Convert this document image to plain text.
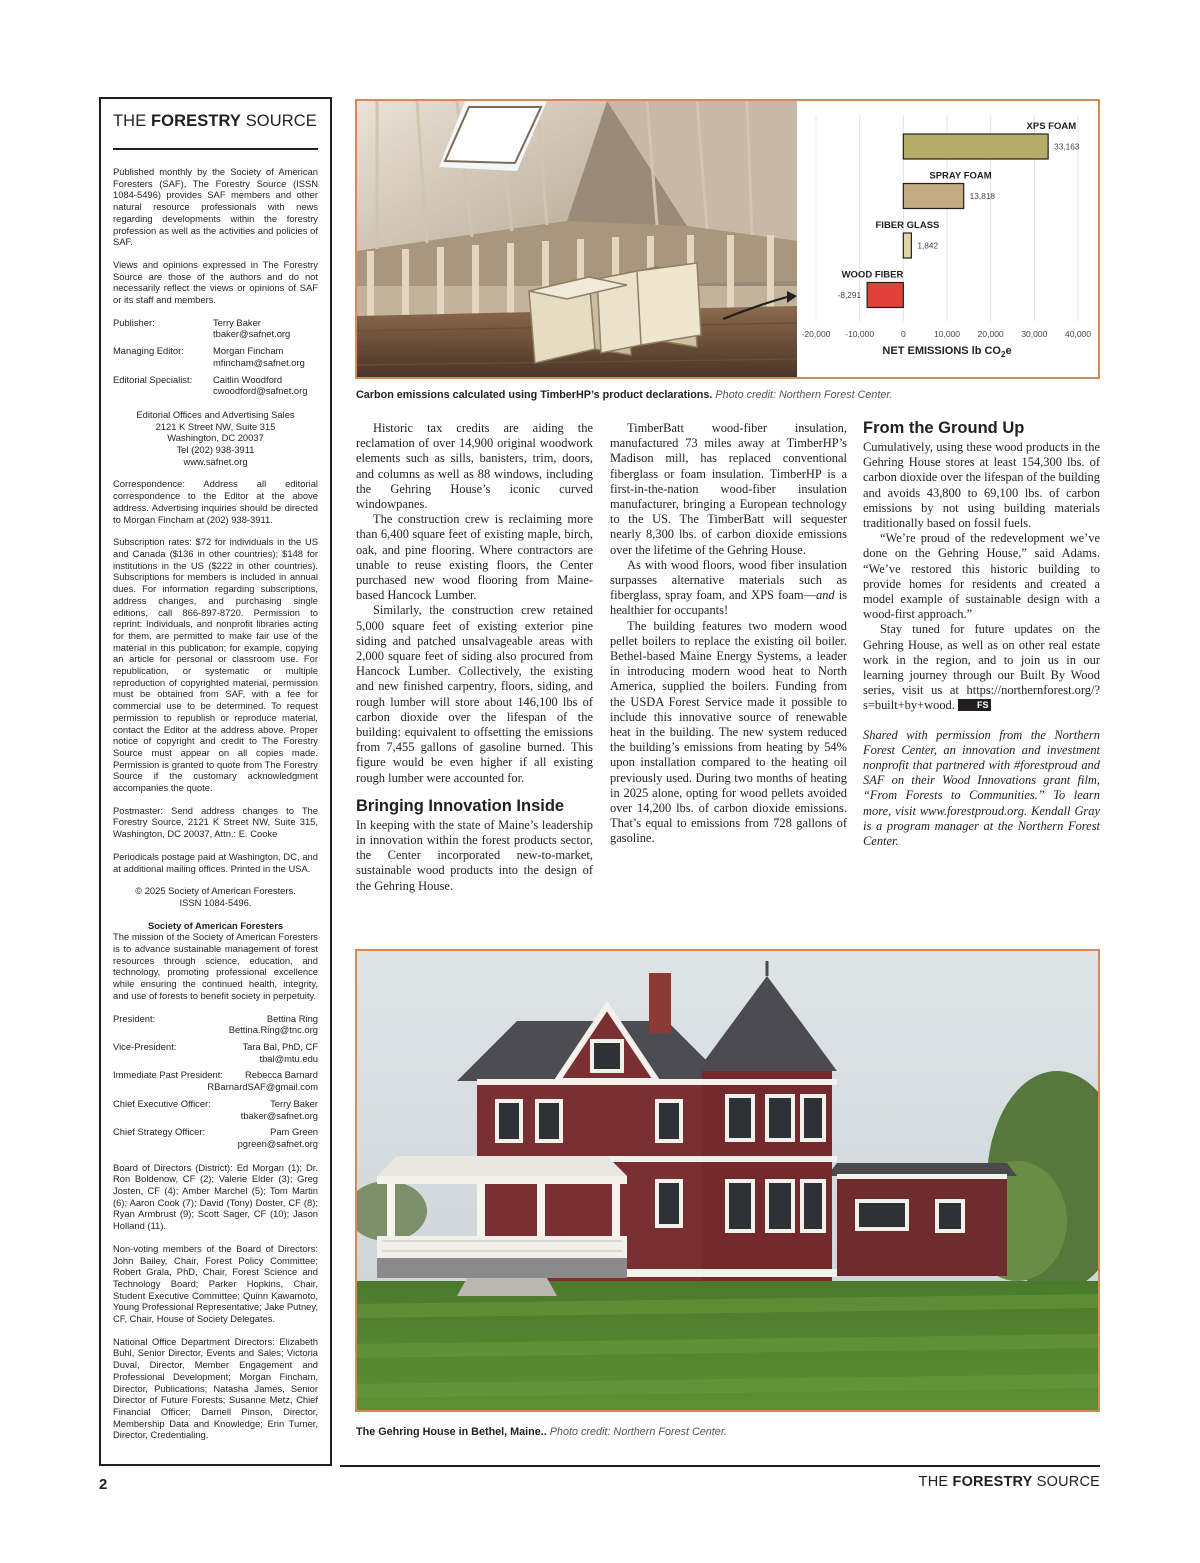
THE FORESTRY SOURCE

Published monthly by the Society of American Foresters (SAF), The Forestry Source (ISSN 1084-5496) provides SAF members and other natural resource professionals with news regarding developments within the forestry profession as well as the activities and policies of SAF.

Views and opinions expressed in The Forestry Source are those of the authors and do not necessarily reflect the views or opinions of SAF or its staff and members.

Publisher:	Terry Baker
tbaker@safnet.org
Managing Editor:	Morgan Fincham
mfincham@safnet.org
Editorial Specialist:	Caitlin Woodford
cwoodford@safnet.org
Editorial Offices and Advertising Sales
2121 K Street NW, Suite 315
Washington, DC 20037
Tel (202) 938-3911
www.safnet.org

Correspondence: Address all editorial correspondence to the Editor at the above address. Advertising inquiries should be directed to Morgan Fincham at (202) 938-3911.

Subscription rates: $72 for individuals in the US and Canada ($136 in other countries); $148 for institutions in the US ($222 in other countries). Subscriptions for members is included in annual dues. For information regarding subscriptions, address changes, and purchasing single editions, call 866-897-8720. Permission to reprint: Individuals, and nonprofit libraries acting for them, are permitted to make fair use of the material in this publication; for example, copying an article for personal or classroom use. For republication, or systematic or multiple reproduction of copyrighted material, permission must be obtained from SAF, with a fee for commercial use to be determined. To request permission to republish or reproduce material, contact the Editor at the address above. Proper notice of copyright and credit to The Forestry Source must appear on all copies made. Permission is granted to quote from The Forestry Source if the customary acknowledgment accompanies the quote.

Postmaster: Send address changes to The Forestry Source, 2121 K Street NW, Suite 315, Washington, DC 20037, Attn.: E. Cooke

Periodicals postage paid at Washington, DC, and at additional mailing offices. Printed in the USA.

© 2025 Society of American Foresters.
ISSN 1084-5496.
Society of American Foresters

The mission of the Society of American Foresters is to advance sustainable management of forest resources through science, education, and technology, promoting professional excellence while ensuring the continued health, integrity, and use of forests to benefit society in perpetuity.

President:	Bettina Ring
Bettina.Ring@tnc.org
Vice-President:	Tara Bal, PhD, CF
tbal@mtu.edu
Immediate Past President: Rebecca Barnard
RBarnardSAF@gmail.com
Chief Executive Officer:	Terry Baker
tbaker@safnet.org
Chief Strategy Officer:	Pam Green
pgreen@safnet.org

Board of Directors (District): Ed Morgan (1); Dr. Ron Boldenow, CF (2); Valerie Elder (3); Greg Josten, CF (4); Amber Marchel (5); Tom Martin (6); Aaron Cook (7); David (Tony) Doster, CF (8); Ryan Armbrust (9); Scott Sager, CF (10); Jason Holland (11).

Non-voting members of the Board of Directors: John Bailey, Chair, Forest Policy Committee; Robert Grala, PhD, Chair, Forest Science and Technology Board; Parker Hopkins, Chair, Student Executive Committee; Quinn Kawamoto, Young Professional Representative; Jake Putney, CF, Chair, House of Society Delegates.

National Office Department Directors: Elizabeth Buhl, Senior Director, Events and Sales; Victoria Duval, Director, Member Engagement and Professional Development; Morgan Fincham, Director, Publications; Natasha James, Senior Director of Future Forests; Susanne Metz, Chief Financial Officer; Darnell Pinson, Director, Membership Data and Knowledge; Erin Turner, Director, Credentialing.

-20,000 -10,000	0	10,000 20,000 30,000 40,000
XPS FOAM
33,163
SPRAY FOAM
13,818
FIBER GLASS
1,842
WOOD FIBER
-8,291
NET EMISSIONS lb $CO_2e$
Carbon emissions calculated using TimberHP’s product declarations. Photo credit: Northern Forest Center.

Historic tax credits are aiding the reclamation of over 14,900 original woodwork elements such as sills, banisters, trim, doors, and columns as well as 88 windows, including the Gehring House’s iconic curved windowpanes.

The construction crew is reclaiming more than 6,400 square feet of existing maple, birch, oak, and pine flooring. Where contractors are unable to reuse existing floors, the Center purchased new wood flooring from Maine-based Hancock Lumber.

Similarly, the construction crew retained 5,000 square feet of existing exterior pine siding and patched unsalvageable areas with 2,000 square feet of siding also procured from Hancock Lumber. Collectively, the existing and new finished carpentry, floors, siding, and rough lumber will store about 146,100 lbs of carbon dioxide over the lifespan of the building: equivalent to offsetting the emissions from 7,455 gallons of gasoline burned. This figure would be even higher if all existing rough lumber were accounted for.

Bringing Innovation Inside

In keeping with the state of Maine’s leadership in innovation within the forest products sector, the Center incorporated new-to-market, sustainable wood products into the design of the Gehring House.

TimberBatt wood-fiber insulation, manufactured 73 miles away at TimberHP’s Madison mill, has replaced conventional fiberglass or foam insulation. TimberHP is a first-in-the-nation wood-fiber insulation manufacturer, bringing a European technology to the US. The TimberBatt will sequester nearly 8,300 lbs. of carbon dioxide emissions over the lifetime of the Gehring House.

As with wood floors, wood fiber insulation surpasses alternative materials such as fiberglass, spray foam, and XPS foam—and is healthier for occupants!

The building features two modern wood pellet boilers to replace the existing oil boiler. Bethel-based Maine Energy Systems, a leader in introducing modern wood heat to North America, supplied the boilers. Funding from the USDA Forest Service made it possible to include this innovative source of renewable heat in the building. The new system reduced the building’s emissions from heating by 54% upon installation compared to the heating oil previously used. During two months of heating in 2025 alone, opting for wood pellets avoided over 14,200 lbs. of carbon dioxide emissions. That’s equal to emissions from 728 gallons of gasoline.

From the Ground Up

Cumulatively, using these wood products in the Gehring House stores at least 154,300 lbs. of carbon dioxide over the lifespan of the building and avoids 43,800 to 69,100 lbs. of carbon emissions by not using building materials traditionally based on fossil fuels.

“We’re proud of the redevelopment we’ve done on the Gehring House,” said Adams. “We’ve restored this historic building to provide homes for residents and created a model example of sustainable design with a wood-first approach.”

Stay tuned for future updates on the Gehring House, as well as on other real estate work in the region, and to join us in our learning journey through our Built By Wood series, visit us at https://northernforest.org/?s=built+by+wood. FS

Shared with permission from the Northern Forest Center, an innovation and investment nonprofit that partnered with #forestproud and SAF on their Wood Innovations grant film, “From Forests to Communities.” To learn more, visit www.forestproud.org. Kendall Gray is a program manager at the Northern Forest Center.

The Gehring House in Bethel, Maine.. Photo credit: Northern Forest Center.
2	THE FORESTRY SOURCE
